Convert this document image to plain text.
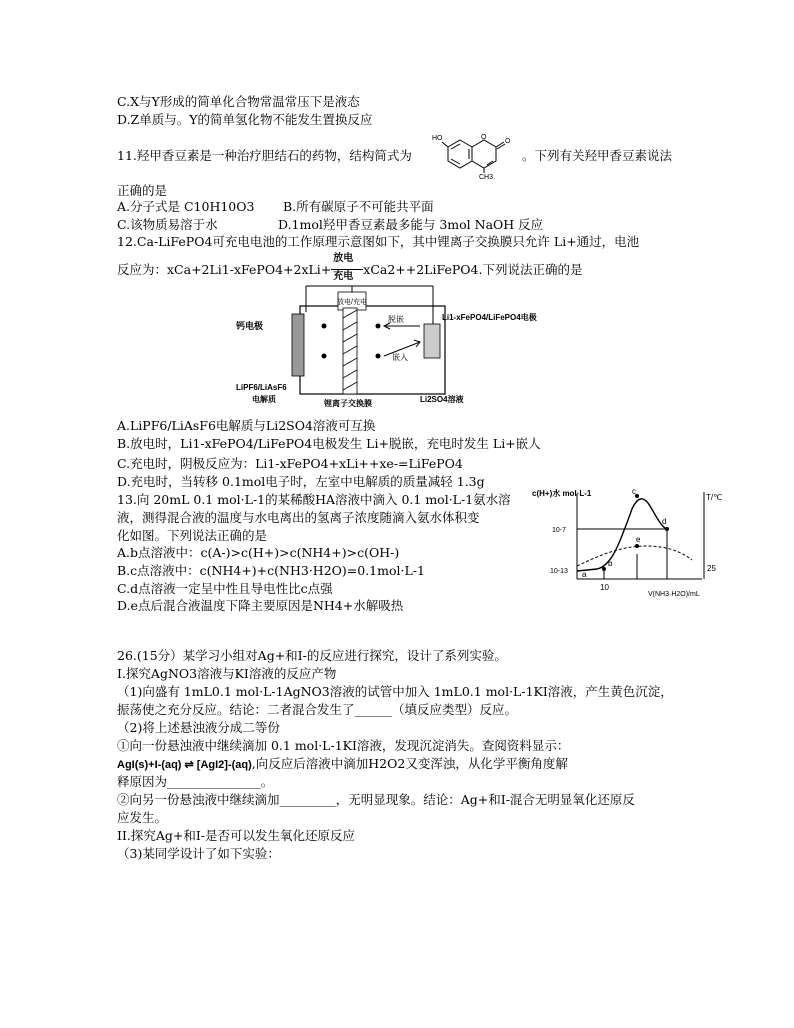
C.X与Y形成的简单化合物常温常压下是液态
D.Z单质与。Y的简单氢化物不能发生置换反应
11.羟甲香豆素是一种治疗胆结石的药物，结构简式为
HO	O
O
CH3
。下列有关羟甲香豆素说法
正确的是
A.分子式是 C10H10O3 B.所有碳原子不可能共平面
C.该物质易溶于水	D.1mol羟甲香豆素最多能与 3mol NaOH 反应
12.Ca-LiFePO4可充电电池的工作原理示意图如下，其中锂离子交换膜只允许 Li+通过，电池
反应为：xCa+2Li1-xFePO4+2xLi+
放电
充电 xCa2++2LiFePO4.下列说法正确的是
放电/充电
脱嵌
嵌入
钙电极
Li1-xFePO4/LiFePO4电极
LiPF6/LiAsF6
电解质	锂离子交换膜	Li2SO4溶液
A.LiPF6/LiAsF6电解质与Li2SO4溶液可互换
B.放电时，Li1-xFePO4/LiFePO4电极发生 Li+脱嵌，充电时发生 Li+嵌人
C.充电时，阴极反应为：Li1-xFePO4+xLi++xe-=LiFePO4
D.充电时，当转移 0.1mol电子时，左室中电解质的质量减轻 1.3g
13.向 20mL 0.1 mol·L-1的某稀酸HA溶液中滴入 0.1 mol·L-1氨水溶
液，测得混合液的温度与水电离出的氢离子浓度随滴入氨水体积变
化如图。下列说法正确的是
A.b点溶液中：c(A-)>c(H+)>c(NH4+)>c(OH-)
B.c点溶液中：c(NH4+)+c(NH3·H2O)=0.1mol·L-1
C.d点溶液一定呈中性且导电性比c点强
D.e点后混合液温度下降主要原因是NH4+水解吸热
c(H+)水 mol·L-1	T/℃
10-7
10-13	25
10
V(NH3·H2O)/mL
a
b
c
d
e
26.(15分）某学习小组对Ag+和I-的反应进行探究，设计了系列实验。
I.探究AgNO3溶液与KI溶液的反应产物
（1)向盛有 1mL0.1 mol·L-1AgNO3溶液的试管中加入 1mL0.1 mol·L-1KI溶液，产生黄色沉淀，
振荡使之充分反应。结论：二者混合发生了______（填反应类型）反应。
（2)将上述悬浊液分成二等份
①向一份悬浊液中继续滴加 0.1 mol·L-1KI溶液，发现沉淀消失。查阅资料显示：
AgI(s)+I-(aq) ⇌ [AgI2]-(aq),向反应后溶液中滴加H2O2又变浑浊，从化学平衡角度解
释原因为_______________。
②向另一份悬浊液中继续滴加_________，无明显现象。结论：Ag+和I-混合无明显氧化还原反
应发生。
II.探究Ag+和I-是否可以发生氧化还原反应
（3)某同学设计了如下实验：
